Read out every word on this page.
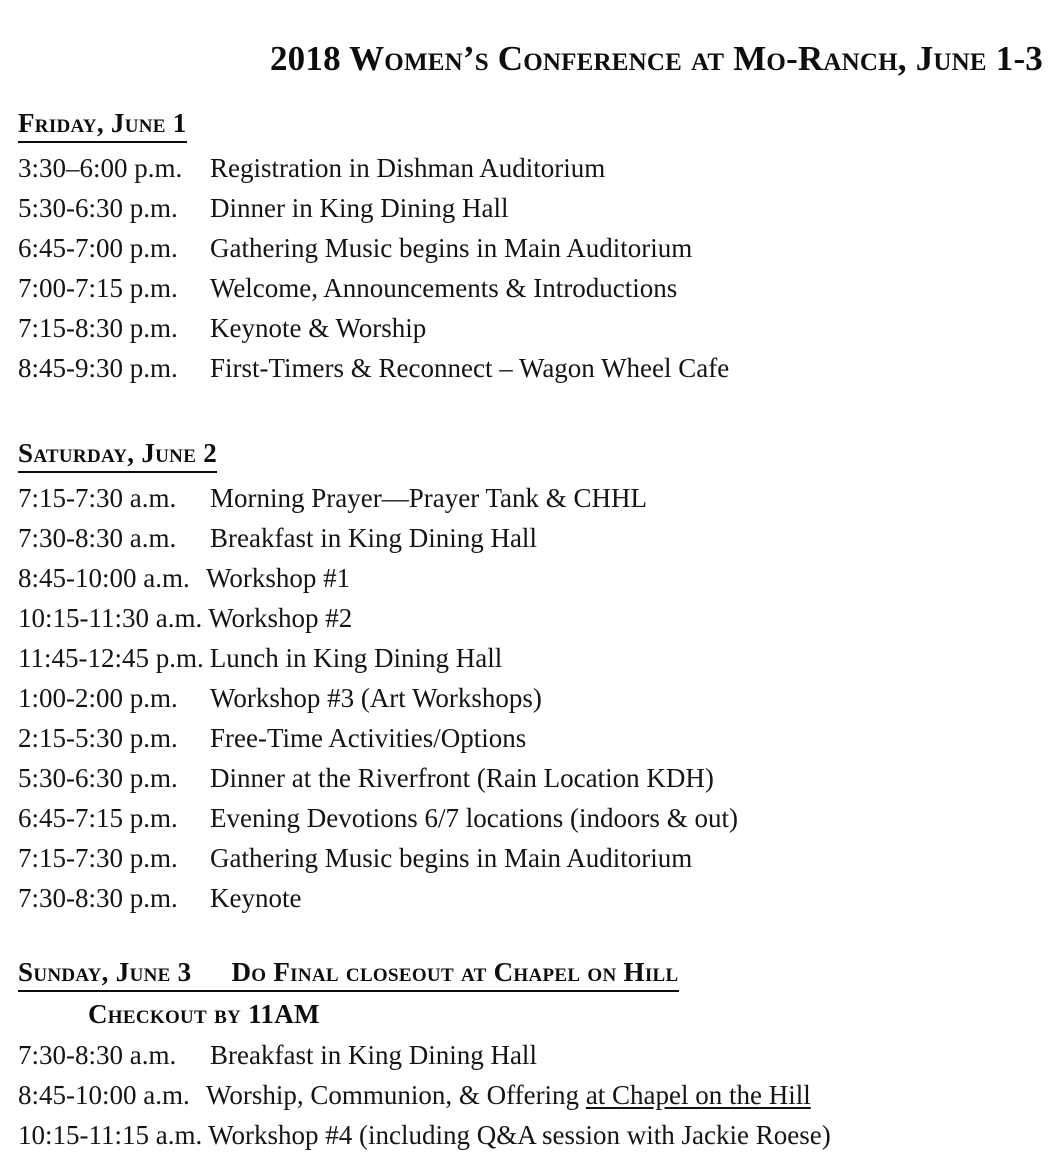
2018 Women’s Conference at Mo-Ranch, June 1-3
Friday, June 1
3:30–6:00 p.m. Registration in Dishman Auditorium
5:30-6:30 p.m. Dinner in King Dining Hall
6:45-7:00 p.m. Gathering Music begins in Main Auditorium
7:00-7:15 p.m. Welcome, Announcements & Introductions
7:15-8:30 p.m. Keynote & Worship
8:45-9:30 p.m. First-Timers & Reconnect – Wagon Wheel Cafe
Saturday, June 2
7:15-7:30 a.m. Morning Prayer—Prayer Tank & CHHL
7:30-8:30 a.m. Breakfast in King Dining Hall
8:45-10:00 a.m. Workshop #1
10:15-11:30 a.m. Workshop #2
11:45-12:45 p.m. Lunch in King Dining Hall
1:00-2:00 p.m. Workshop #3 (Art Workshops)
2:15-5:30 p.m. Free-Time Activities/Options
5:30-6:30 p.m. Dinner at the Riverfront (Rain Location KDH)
6:45-7:15 p.m. Evening Devotions 6/7 locations (indoors & out)
7:15-7:30 p.m. Gathering Music begins in Main Auditorium
7:30-8:30 p.m. Keynote
Sunday, June 3 Do Final closeout at Chapel on Hill
Checkout by 11AM
7:30-8:30 a.m. Breakfast in King Dining Hall
8:45-10:00 a.m. Worship, Communion, & Offering at Chapel on the Hill
10:15-11:15 a.m. Workshop #4 (including Q&A session with Jackie Roese)
